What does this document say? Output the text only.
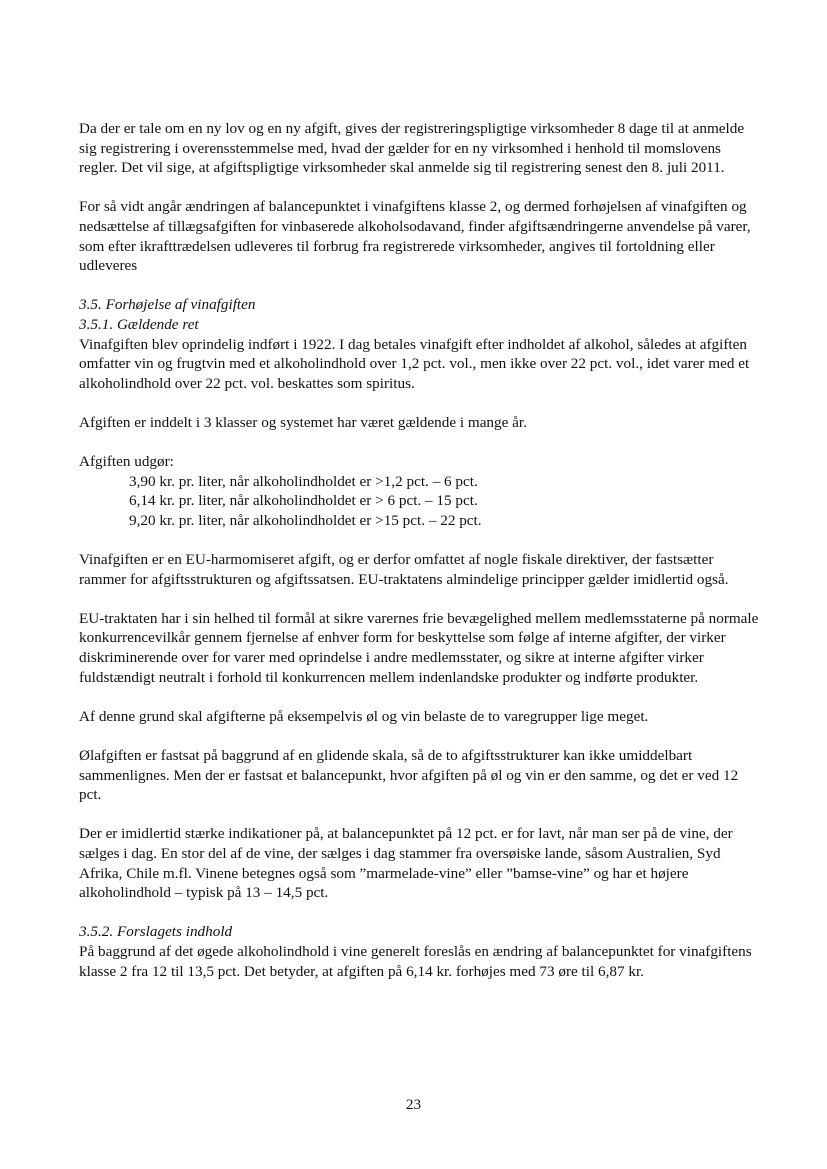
Da der er tale om en ny lov og en ny afgift, gives der registreringspligtige virksomheder 8 dage til at anmelde sig registrering i overensstemmelse med, hvad der gælder for en ny virksomhed i henhold til momslovens regler. Det vil sige, at afgiftspligtige virksomheder skal anmelde sig til registrering senest den 8. juli 2011.

For så vidt angår ændringen af balancepunktet i vinafgiftens klasse 2, og dermed forhøjelsen af vinafgiften og nedsættelse af tillægsafgiften for vinbaserede alkoholsodavand, finder afgiftsændringerne anvendelse på varer, som efter ikrafttrædelsen udleveres til forbrug fra registrerede virksomheder, angives til fortoldning eller udleveres

3.5. Forhøjelse af vinafgiften

3.5.1. Gældende ret

Vinafgiften blev oprindelig indført i 1922. I dag betales vinafgift efter indholdet af alkohol, således at afgiften omfatter vin og frugtvin med et alkoholindhold over 1,2 pct. vol., men ikke over 22 pct. vol., idet varer med et alkoholindhold over 22 pct. vol. beskattes som spiritus.

Afgiften er inddelt i 3 klasser og systemet har været gældende i mange år.

Afgiften udgør:

3,90 kr. pr. liter, når alkoholindholdet er >1,2 pct. – 6 pct.
6,14 kr. pr. liter, når alkoholindholdet er > 6 pct. – 15 pct.
9,20 kr. pr. liter, når alkoholindholdet er >15 pct. – 22 pct.

Vinafgiften er en EU-harmomiseret afgift, og er derfor omfattet af nogle fiskale direktiver, der fastsætter rammer for afgiftsstrukturen og afgiftssatsen. EU-traktatens almindelige principper gælder imidlertid også.

EU-traktaten har i sin helhed til formål at sikre varernes frie bevægelighed mellem medlemsstaterne på normale konkurrencevilkår gennem fjernelse af enhver form for beskyttelse som følge af interne afgifter, der virker diskriminerende over for varer med oprindelse i andre medlemsstater, og sikre at interne afgifter virker fuldstændigt neutralt i forhold til konkurrencen mellem indenlandske produkter og indførte produkter.

Af denne grund skal afgifterne på eksempelvis øl og vin belaste de to varegrupper lige meget.

Ølafgiften er fastsat på baggrund af en glidende skala, så de to afgiftsstrukturer kan ikke umiddelbart sammenlignes. Men der er fastsat et balancepunkt, hvor afgiften på øl og vin er den samme, og det er ved 12 pct.

Der er imidlertid stærke indikationer på, at balancepunktet på 12 pct. er for lavt, når man ser på de vine, der sælges i dag. En stor del af de vine, der sælges i dag stammer fra oversøiske lande, såsom Australien, Syd Afrika, Chile m.fl. Vinene betegnes også som ”marmelade-vine” eller ”bamse-vine” og har et højere alkoholindhold – typisk på 13 – 14,5 pct.

3.5.2. Forslagets indhold

På baggrund af det øgede alkoholindhold i vine generelt foreslås en ændring af balancepunktet for vinafgiftens klasse 2 fra 12 til 13,5 pct. Det betyder, at afgiften på 6,14 kr. forhøjes med 73 øre til 6,87 kr.

23
